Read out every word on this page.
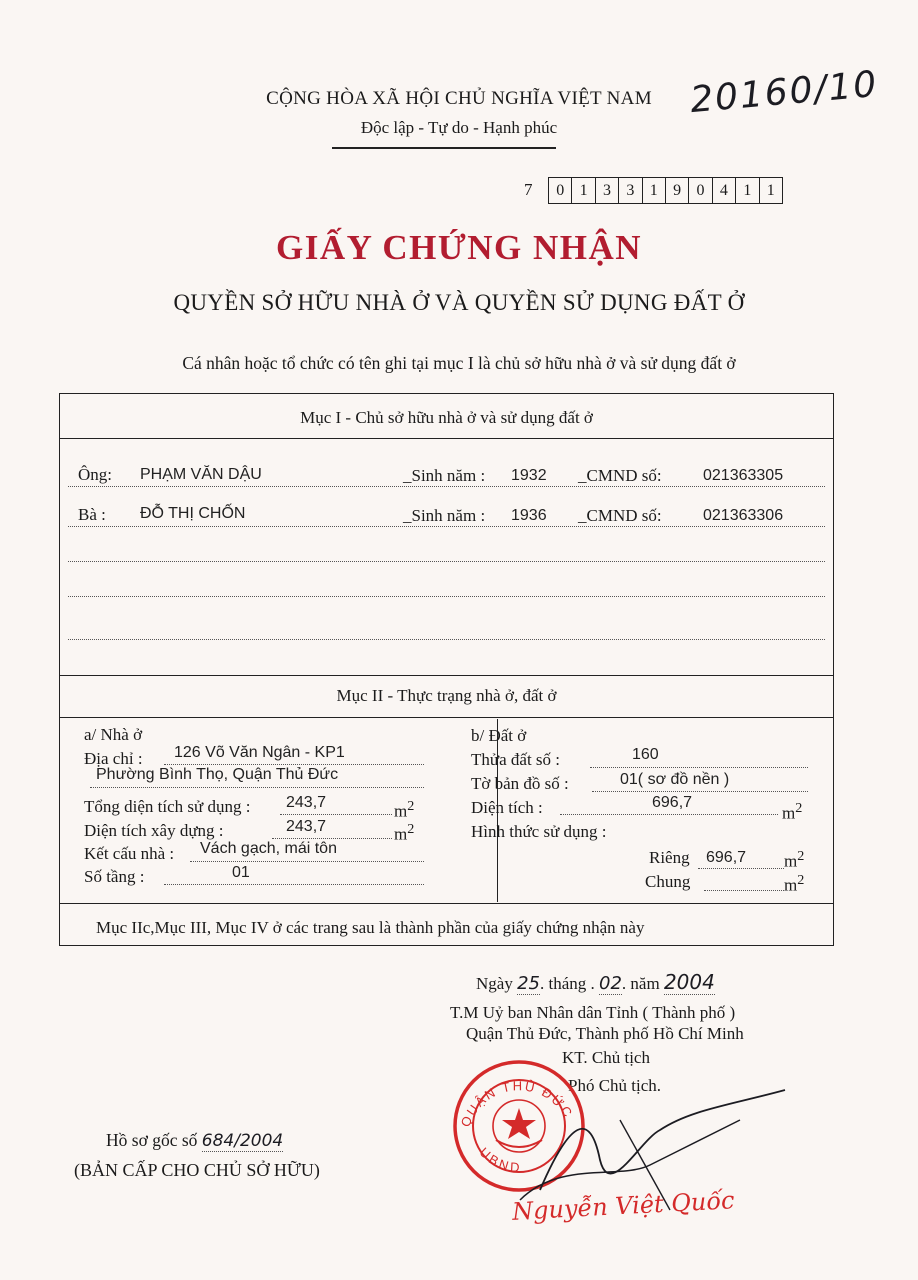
CỘNG HÒA XÃ HỘI CHỦ NGHĨA VIỆT NAM
Độc lập - Tự do - Hạnh phúc
20160/10
7	0 1 3 3 1 9 0 4 1 1
GIẤY CHỨNG NHẬN
QUYỀN SỞ HỮU NHÀ Ở VÀ QUYỀN SỬ DỤNG ĐẤT Ở
Cá nhân hoặc tổ chức có tên ghi tại mục I là chủ sở hữu nhà ở và sử dụng đất ở
Mục I - Chủ sở hữu nhà ở và sử dụng đất ở
Ông: PHẠM VĂN DẬU	_Sinh năm : 1932 _CMND số:	021363305
Bà : ĐỖ THỊ CHỐN	_Sinh năm : 1936 _CMND số:	021363306
Mục II - Thực trạng nhà ở, đất ở
a/ Nhà ở
Địa chỉ : 126 Võ Văn Ngân - KP1
Phường Bình Thọ, Quận Thủ Đức
Tổng diện tích sử dụng : 243,7	$m^2$
Diện tích xây dựng :	243,7	$m^2$
Kết cấu nhà : Vách gạch, mái tôn
Số tầng :	01
b/ Đất ở
Thửa đất số :	160
Tờ bản đồ số :	01( sơ đồ nền )
Diện tích :	696,7
$m^2$
Hình thức sử dụng :
Riêng 696,7 $m^2$
Chung	$m^2$
Mục IIc,Mục III, Mục IV ở các trang sau là thành phần của giấy chứng nhận này
Ngày 25. tháng . 02. năm 2004
T.M Uỷ ban Nhân dân Tỉnh ( Thành phố )
Quận Thủ Đức, Thành phố Hồ Chí Minh
KT. Chủ tịch
Phó Chủ tịch.
QUẬN THỦ ĐỨC
UBND
Nguyễn Việt Quốc
Hồ sơ gốc số 684/2004
(BẢN CẤP CHO CHỦ SỞ HỮU)
